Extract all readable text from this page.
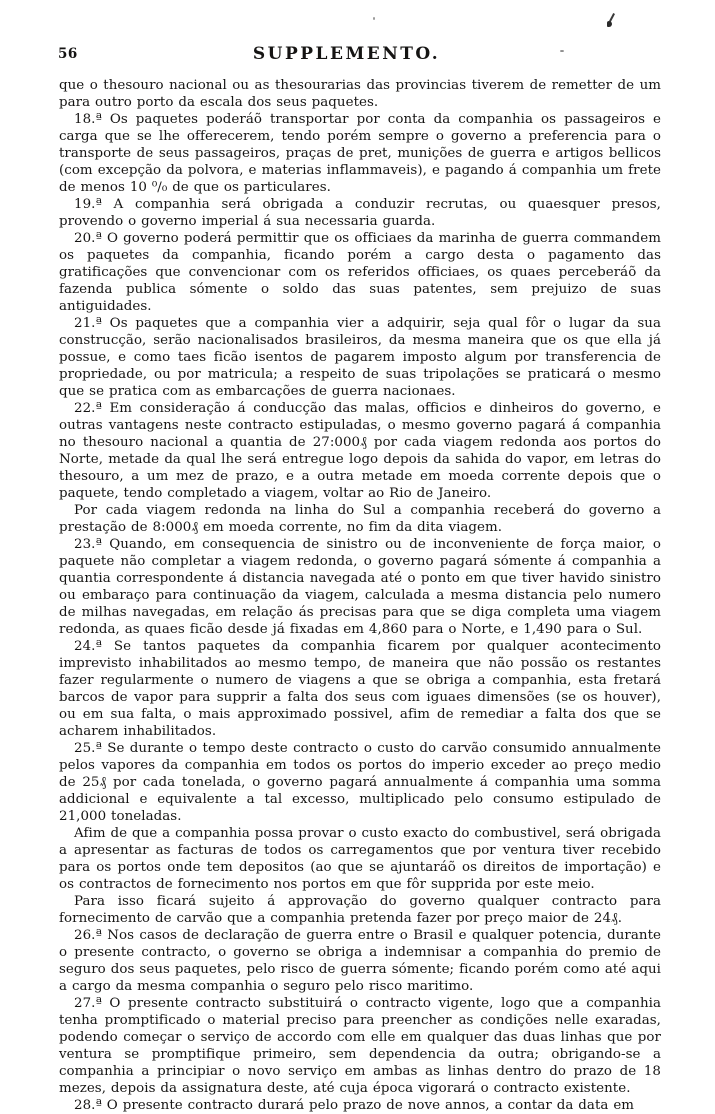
56	SUPPLEMENTO.

que o thesouro nacional ou as thesourarias das provincias tiverem de remetter de um para outro porto da escala dos seus paquetes.

18.ª Os paquetes poderáõ transportar por conta da companhia os passageiros e carga que se lhe offerecerem, tendo porém sempre o governo a preferencia para o transporte de seus passageiros, praças de pret, munições de guerra e artigos bellicos (com excepção da polvora, e materias inflammaveis), e pagando á companhia um frete de menos 10 ⁰/₀ de que os particulares.

19.ª A companhia será obrigada a conduzir recrutas, ou quaesquer presos, provendo o governo imperial á sua necessaria guarda.

20.ª O governo poderá permittir que os officiaes da marinha de guerra commandem os paquetes da companhia, ficando porém a cargo desta o pagamento das gratificações que convencionar com os referidos officiaes, os quaes perceberáõ da fazenda publica sómente o soldo das suas patentes, sem prejuizo de suas antiguidades.

21.ª Os paquetes que a companhia vier a adquirir, seja qual fôr o lugar da sua construcção, serão nacionalisados brasileiros, da mesma maneira que os que ella já possue, e como taes ficão isentos de pagarem imposto algum por transferencia de propriedade, ou por matricula; a respeito de suas tripolações se praticará o mesmo que se pratica com as embarcações de guerra nacionaes.

22.ª Em consideração á conducção das malas, officios e dinheiros do governo, e outras vantagens neste contracto estipuladas, o mesmo governo pagará á companhia no thesouro nacional a quantia de 27:000₰ por cada viagem redonda aos portos do Norte, metade da qual lhe será entregue logo depois da sahida do vapor, em letras do thesouro, a um mez de prazo, e a outra metade em moeda corrente depois que o paquete, tendo completado a viagem, voltar ao Rio de Janeiro.

Por cada viagem redonda na linha do Sul a companhia receberá do governo a prestação de 8:000₰ em moeda corrente, no fim da dita viagem.

23.ª Quando, em consequencia de sinistro ou de inconveniente de força maior, o paquete não completar a viagem redonda, o governo pagará sómente á companhia a quantia correspondente á distancia navegada até o ponto em que tiver havido sinistro ou embaraço para continuação da viagem, calculada a mesma distancia pelo numero de milhas navegadas, em relação ás precisas para que se diga completa uma viagem redonda, as quaes ficão desde já fixadas em 4,860 para o Norte, e 1,490 para o Sul.

24.ª Se tantos paquetes da companhia ficarem por qualquer acontecimento imprevisto inhabilitados ao mesmo tempo, de maneira que não possão os restantes fazer regularmente o numero de viagens a que se obriga a companhia, esta fretará barcos de vapor para supprir a falta dos seus com iguaes dimensões (se os houver), ou em sua falta, o mais approximado possivel, afim de remediar a falta dos que se acharem inhabilitados.

25.ª Se durante o tempo deste contracto o custo do carvão consumido annualmente pelos vapores da companhia em todos os portos do imperio exceder ao preço medio de 25₰ por cada tonelada, o governo pagará annualmente á companhia uma somma addicional e equivalente a tal excesso, multiplicado pelo consumo estipulado de 21,000 toneladas.

Afim de que a companhia possa provar o custo exacto do combustivel, será obrigada a apresentar as facturas de todos os carregamentos que por ventura tiver recebido para os portos onde tem depositos (ao que se ajuntaráõ os direitos de importação) e os contractos de fornecimento nos portos em que fôr supprida por este meio.

Para isso ficará sujeito á approvação do governo qualquer contracto para fornecimento de carvão que a companhia pretenda fazer por preço maior de 24₰.

26.ª Nos casos de declaração de guerra entre o Brasil e qualquer potencia, durante o presente contracto, o governo se obriga a indemnisar a companhia do premio de seguro dos seus paquetes, pelo risco de guerra sómente; ficando porém como até aqui a cargo da mesma companhia o seguro pelo risco maritimo.

27.ª O presente contracto substituirá o contracto vigente, logo que a companhia tenha promptificado o material preciso para preencher as condições nelle exaradas, podendo começar o serviço de accordo com elle em qualquer das duas linhas que por ventura se promptifique primeiro, sem dependencia da outra; obrigando-se a companhia a principiar o novo serviço em ambas as linhas dentro do prazo de 18 mezes, depois da assignatura deste, até cuja época vigorará o contracto existente.

28.ª O presente contracto durará pelo prazo de nove annos, a contar da data em
